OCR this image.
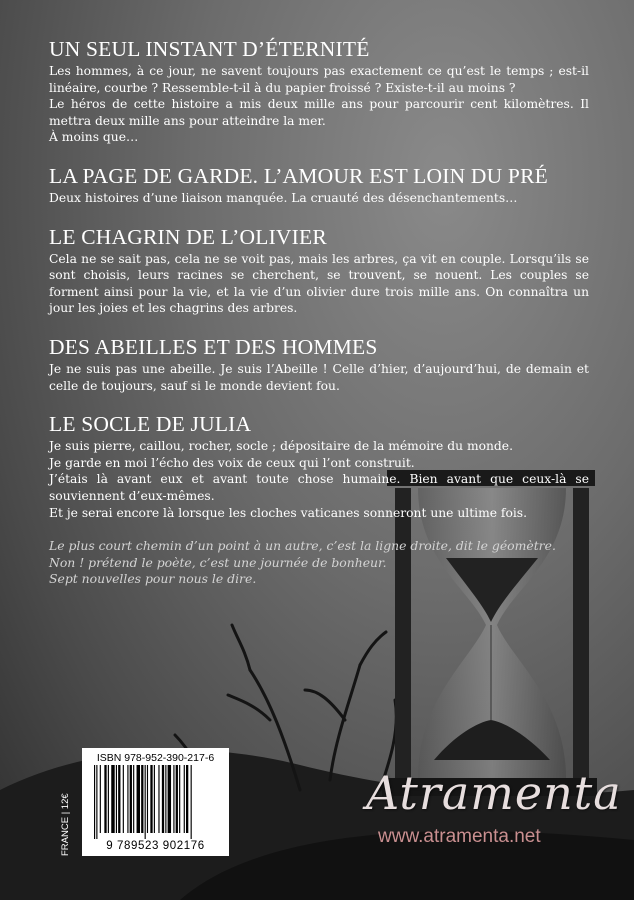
UN SEUL INSTANT D’ÉTERNITÉ

Les hommes, à ce jour, ne savent toujours pas exactement ce qu’est le temps ; est-il linéaire, courbe ? Ressemble-t-il à du papier froissé ? Existe-t-il au moins ?

Le héros de cette histoire a mis deux mille ans pour parcourir cent kilomètres. Il mettra deux mille ans pour atteindre la mer.

À moins que…

LA PAGE DE GARDE. L’AMOUR EST LOIN DU PRÉ

Deux histoires d’une liaison manquée. La cruauté des désenchantements…

LE CHAGRIN DE L’OLIVIER

Cela ne se sait pas, cela ne se voit pas, mais les arbres, ça vit en couple. Lorsqu’ils se sont choisis, leurs racines se cherchent, se trouvent, se nouent. Les couples se forment ainsi pour la vie, et la vie d’un olivier dure trois mille ans. On connaîtra un jour les joies et les chagrins des arbres.

DES ABEILLES ET DES HOMMES

Je ne suis pas une abeille. Je suis l’Abeille ! Celle d’hier, d’aujourd’hui, de demain et celle de toujours, sauf si le monde devient fou.

LE SOCLE DE JULIA

Je suis pierre, caillou, rocher, socle ; dépositaire de la mémoire du monde.

Je garde en moi l’écho des voix de ceux qui l’ont construit.

J’étais là avant eux et avant toute chose humaine. Bien avant que ceux-là se souviennent d’eux-mêmes.

Et je serai encore là lorsque les cloches vaticanes sonneront une ultime fois.

Le plus court chemin d’un point à un autre, c’est la ligne droite, dit le géomètre.

Non ! prétend le poète, c’est une journée de bonheur.

Sept nouvelles pour nous le dire.

ISBN 978-952-390-217-6
9 789523 902176
FRANCE | 12€
Atramenta
www.atramenta.net
